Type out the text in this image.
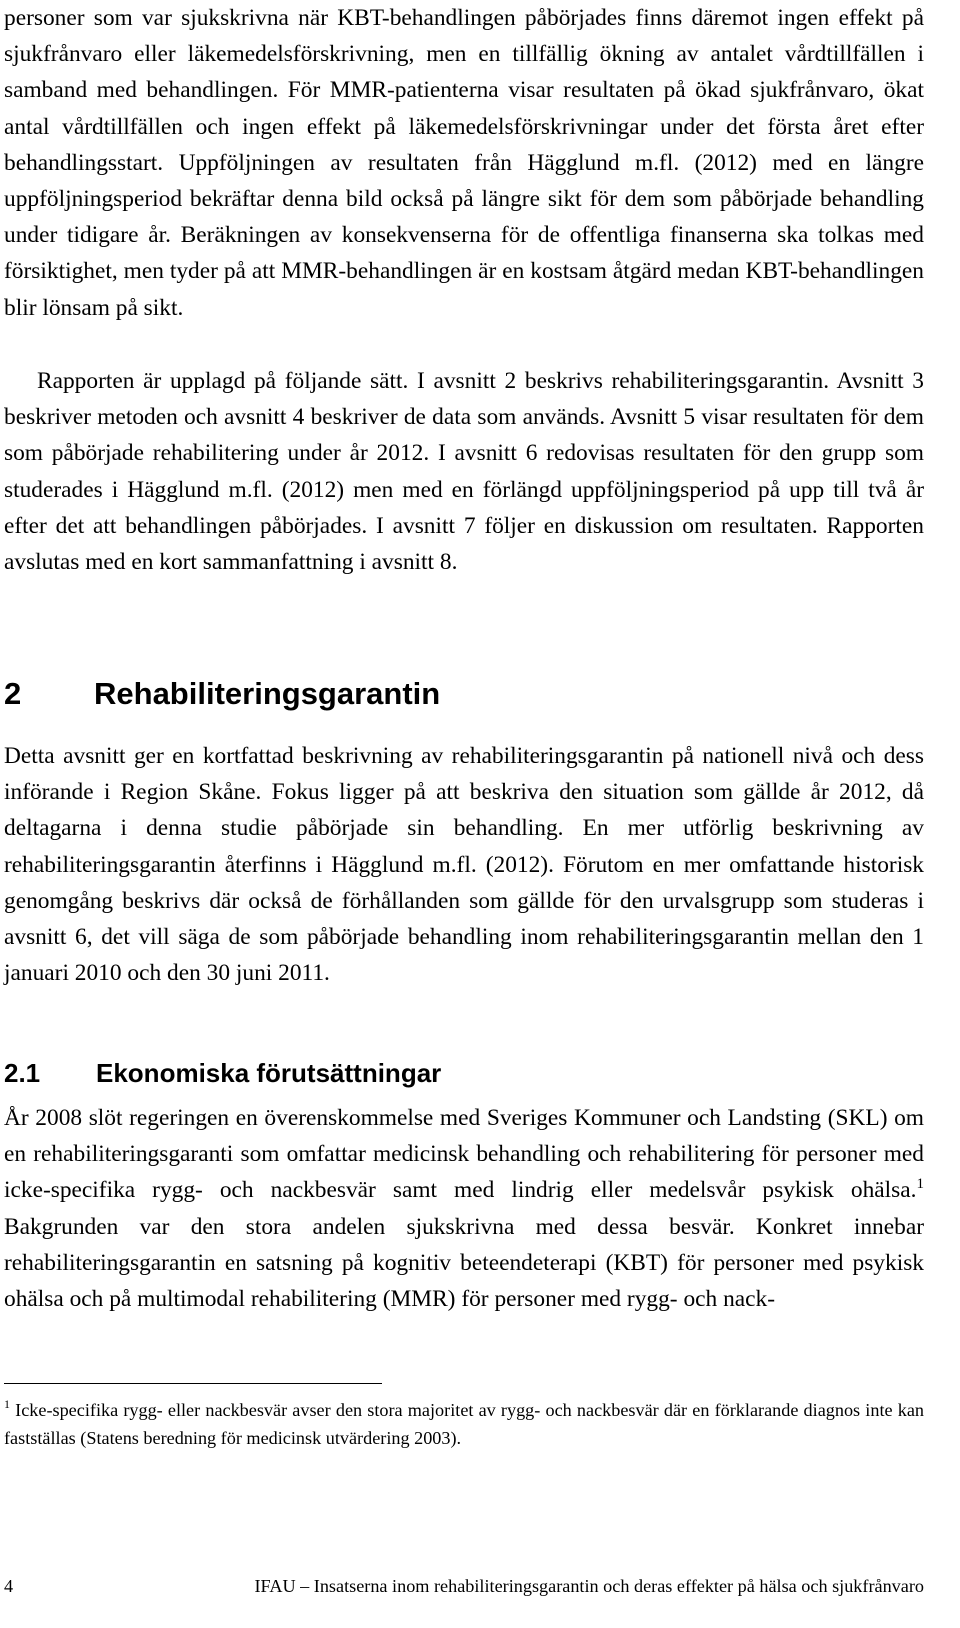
personer som var sjukskrivna när KBT-behandlingen påbörjades finns däremot ingen effekt på sjukfrånvaro eller läkemedelsförskrivning, men en tillfällig ökning av antalet vårdtillfällen i samband med behandlingen. För MMR-patienterna visar resultaten på ökad sjukfrånvaro, ökat antal vårdtillfällen och ingen effekt på läkemedelsförskrivningar under det första året efter behandlingsstart. Uppföljningen av resultaten från Hägglund m.fl. (2012) med en längre uppföljningsperiod bekräftar denna bild också på längre sikt för dem som påbörjade behandling under tidigare år. Beräkningen av konsekvenserna för de offentliga finanserna ska tolkas med försiktighet, men tyder på att MMR-behandlingen är en kostsam åtgärd medan KBT-behandlingen blir lönsam på sikt.

Rapporten är upplagd på följande sätt. I avsnitt 2 beskrivs rehabiliteringsgarantin. Avsnitt 3 beskriver metoden och avsnitt 4 beskriver de data som används. Avsnitt 5 visar resultaten för dem som påbörjade rehabilitering under år 2012. I avsnitt 6 redovisas resultaten för den grupp som studerades i Hägglund m.fl. (2012) men med en förlängd uppföljningsperiod på upp till två år efter det att behandlingen påbörjades. I avsnitt 7 följer en diskussion om resultaten. Rapporten avslutas med en kort sammanfattning i avsnitt 8.

2 Rehabiliteringsgarantin

Detta avsnitt ger en kortfattad beskrivning av rehabiliteringsgarantin på nationell nivå och dess införande i Region Skåne. Fokus ligger på att beskriva den situation som gällde år 2012, då deltagarna i denna studie påbörjade sin behandling. En mer utförlig beskrivning av rehabiliteringsgarantin återfinns i Hägglund m.fl. (2012). Förutom en mer omfattande historisk genomgång beskrivs där också de förhållanden som gällde för den urvalsgrupp som studeras i avsnitt 6, det vill säga de som påbörjade behandling inom rehabiliteringsgarantin mellan den 1 januari 2010 och den 30 juni 2011.

2.1 Ekonomiska förutsättningar

År 2008 slöt regeringen en överenskommelse med Sveriges Kommuner och Landsting (SKL) om en rehabiliteringsgaranti som omfattar medicinsk behandling och rehabilitering för personer med icke-specifika rygg- och nackbesvär samt med lindrig eller medelsvår psykisk ohälsa.$^1$ Bakgrunden var den stora andelen sjukskrivna med dessa besvär. Konkret innebar rehabiliteringsgarantin en satsning på kognitiv beteendeterapi (KBT) för personer med psykisk ohälsa och på multimodal rehabilitering (MMR) för personer med rygg- och nack-

$^1$ Icke-specifika rygg- eller nackbesvär avser den stora majoritet av rygg- och nackbesvär där en förklarande diagnos inte kan fastställas (Statens beredning för medicinsk utvärdering 2003).

4	IFAU – Insatserna inom rehabiliteringsgarantin och deras effekter på hälsa och sjukfrånvaro
